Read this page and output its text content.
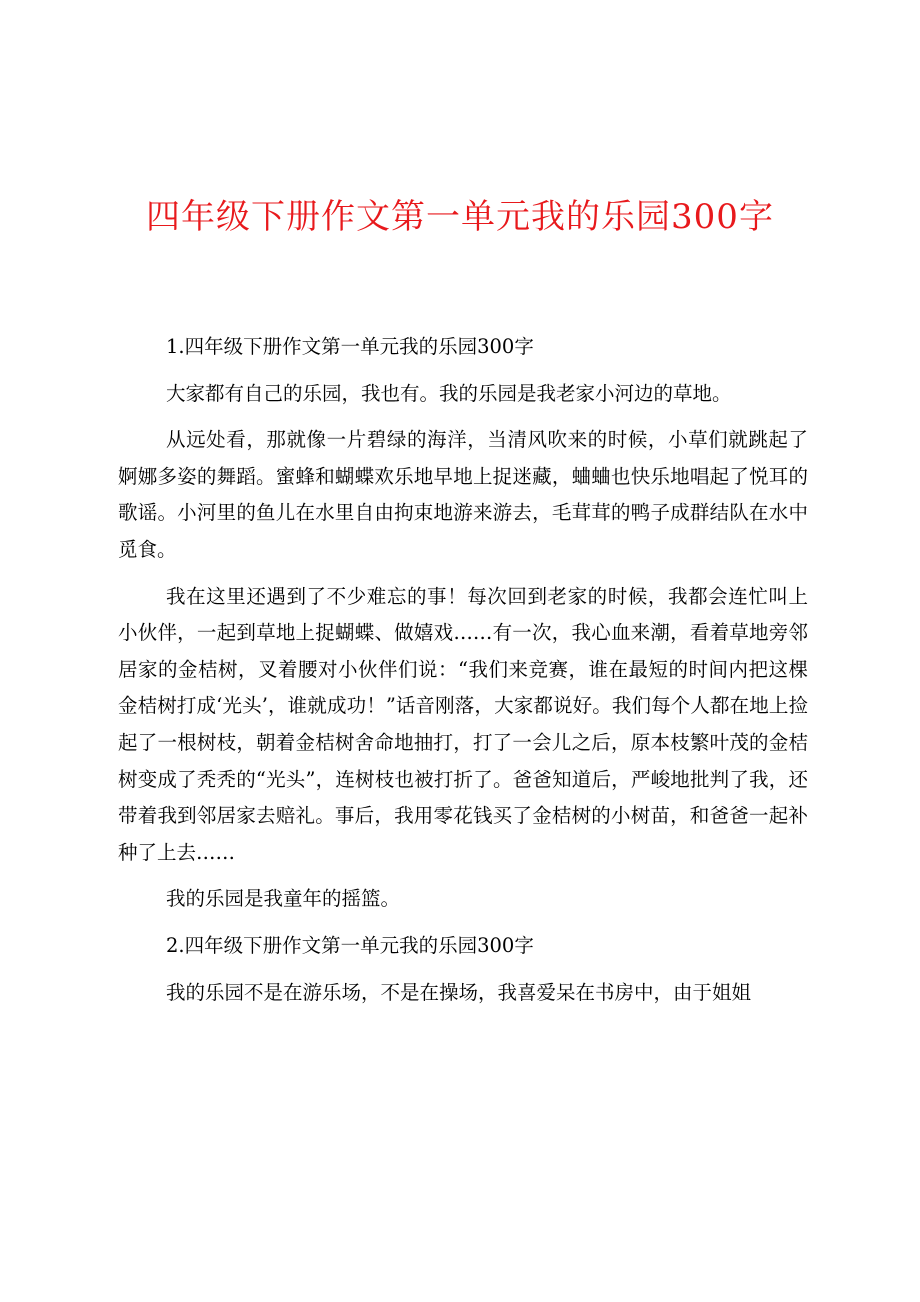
四年级下册作文第一单元我的乐园300字

1.四年级下册作文第一单元我的乐园300字

大家都有自己的乐园，我也有。我的乐园是我老家小河边的草地。

从远处看，那就像一片碧绿的海洋，当清风吹来的时候，小草们就跳起了婀娜多姿的舞蹈。蜜蜂和蝴蝶欢乐地早地上捉迷藏，蛐蛐也快乐地唱起了悦耳的歌谣。小河里的鱼儿在水里自由拘束地游来游去，毛茸茸的鸭子成群结队在水中觅食。

我在这里还遇到了不少难忘的事！每次回到老家的时候，我都会连忙叫上小伙伴，一起到草地上捉蝴蝶、做嬉戏……有一次，我心血来潮，看着草地旁邻居家的金桔树，叉着腰对小伙伴们说：“我们来竞赛，谁在最短的时间内把这棵金桔树打成‘光头’，谁就成功！”话音刚落，大家都说好。我们每个人都在地上捡起了一根树枝，朝着金桔树舍命地抽打，打了一会儿之后，原本枝繁叶茂的金桔树变成了秃秃的“光头”，连树枝也被打折了。爸爸知道后，严峻地批判了我，还带着我到邻居家去赔礼。事后，我用零花钱买了金桔树的小树苗，和爸爸一起补种了上去……

我的乐园是我童年的摇篮。

2.四年级下册作文第一单元我的乐园300字

我的乐园不是在游乐场，不是在操场，我喜爱呆在书房中，由于姐姐
